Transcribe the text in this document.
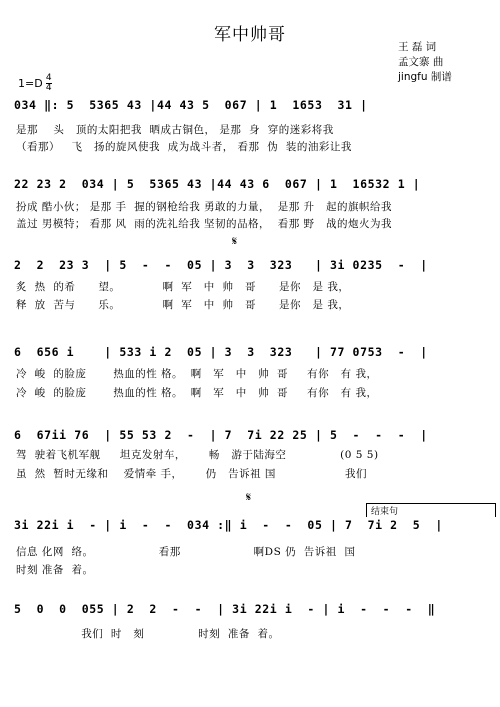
军中帅哥
王 磊 词
孟文寨 曲
jingfu 制谱
$1=D \frac{4}{4}$
034 ‖: 5  5365 43 |44 43 5  067 | 1  1653  31 |
是那    头   顶的太阳把我  晒成古铜色， 是那  身  穿的迷彩将我
（看那）   飞   扬的旋风使我  成为战斗者， 看那  伪  装的油彩让我
22 23 2  034 | 5  5365 43 |44 43 6  067 | 1  16532 1 |
扮成 酷小伙； 是那 手  握的钢枪给我 勇敢的力量，  是那 升   起的旗帜给我
盖过 男模特； 看那 风  雨的洗礼给我 坚韧的品格，  看那 野   战的炮火为我
𝄋
2  2  23 3  | 5  -  -  05 | 3  3  323   | 3i 0235  -  |
炙  热  的希      望。           啊  军   中  帅   哥      是你   是 我，
释  放  苦与      乐。           啊  军   中  帅   哥      是你   是 我，
6  656 i    | 533 i 2  05 | 3  3  323   | 77 0753  -  |
冷  峻  的脸庞       热血的性 格。  啊   军   中   帅  哥     有你   有 我，
冷  峻  的脸庞       热血的性 格。  啊   军   中   帅  哥     有你   有 我，
6  67ii 76  | 55 53 2  -  | 7  7i 22 25 | 5  -  -  -  |
驾  驶着飞机军舰     坦克发射车，      畅   游于陆海空              (0 5 5)
虽  然  暂时无缘和    爱情牵 手，      仍   告诉祖 国                  我们
𝄋
结束句
3i 22i i  - | i  -  -  034 :‖ i  -  -  05 | 7  7i 2  5  |
信息 化网  络。                 看那                   啊DS 仍  告诉祖  国
时刻 准备  着。
5  0  0  055 | 2  2  -  -  | 3i 22i i  - | i  -  -  -  ‖
我们  时   刻              时刻  准备  着。
